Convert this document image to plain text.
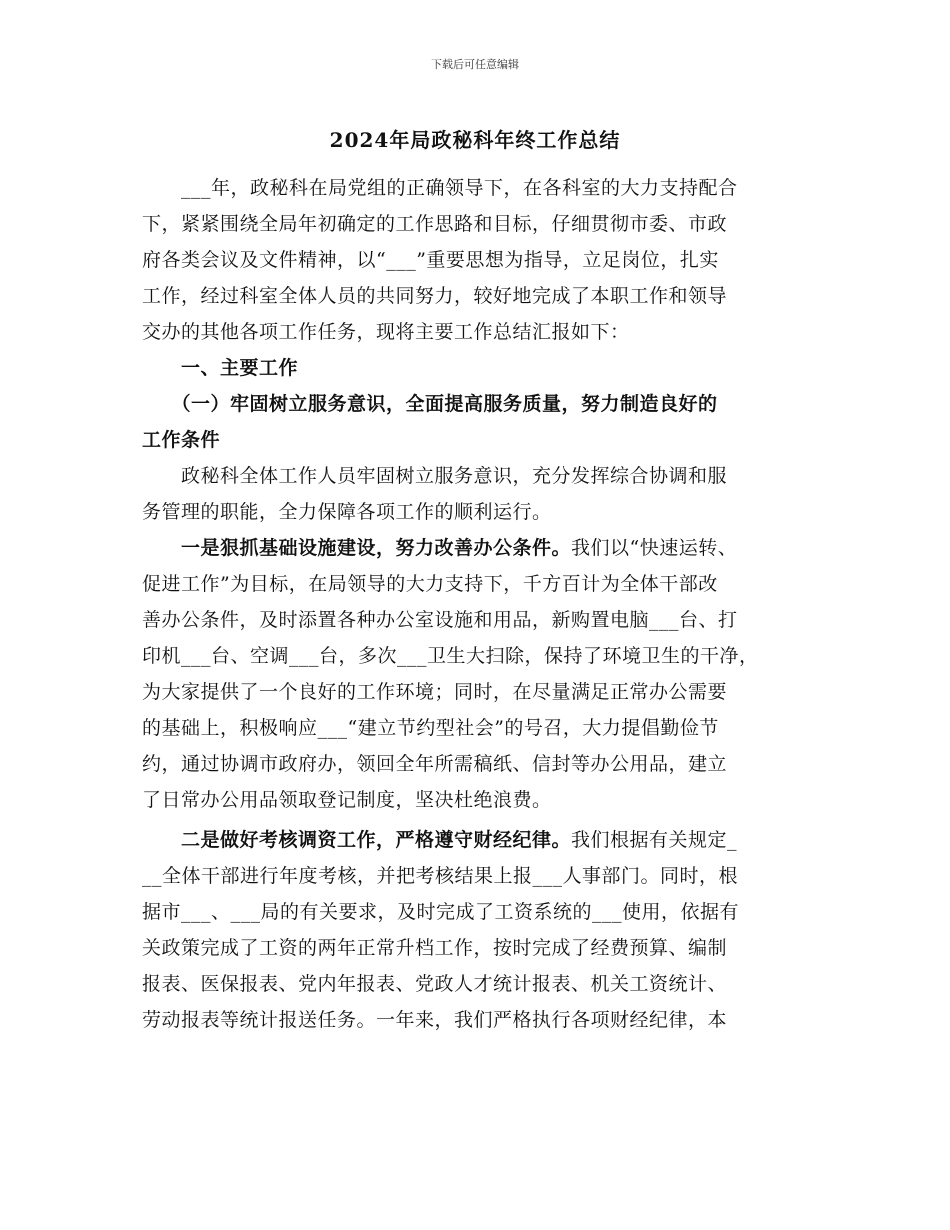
下载后可任意编辑
2024年局政秘科年终工作总结
　　___年，政秘科在局党组的正确领导下，在各科室的大力支持配合
下，紧紧围绕全局年初确定的工作思路和目标，仔细贯彻市委、市政
府各类会议及文件精神，以“___”重要思想为指导，立足岗位，扎实
工作，经过科室全体人员的共同努力，较好地完成了本职工作和领导
交办的其他各项工作任务，现将主要工作总结汇报如下：
　　一、主要工作
　　（一）牢固树立服务意识，全面提高服务质量，努力制造良好的
工作条件
　　政秘科全体工作人员牢固树立服务意识，充分发挥综合协调和服
务管理的职能，全力保障各项工作的顺利运行。
　　一是狠抓基础设施建设，努力改善办公条件。我们以“快速运转、
促进工作”为目标，在局领导的大力支持下，千方百计为全体干部改
善办公条件，及时添置各种办公室设施和用品，新购置电脑___台、打
印机___台、空调___台，多次___卫生大扫除，保持了环境卫生的干净，
为大家提供了一个良好的工作环境；同时，在尽量满足正常办公需要
的基础上，积极响应___“建立节约型社会”的号召，大力提倡勤俭节
约，通过协调市政府办，领回全年所需稿纸、信封等办公用品，建立
了日常办公用品领取登记制度，坚决杜绝浪费。
　　二是做好考核调资工作，严格遵守财经纪律。我们根据有关规定_
__全体干部进行年度考核，并把考核结果上报___人事部门。同时，根
据市___、___局的有关要求，及时完成了工资系统的___使用，依据有
关政策完成了工资的两年正常升档工作，按时完成了经费预算、编制
报表、医保报表、党内年报表、党政人才统计报表、机关工资统计、
劳动报表等统计报送任务。一年来，我们严格执行各项财经纪律，本
